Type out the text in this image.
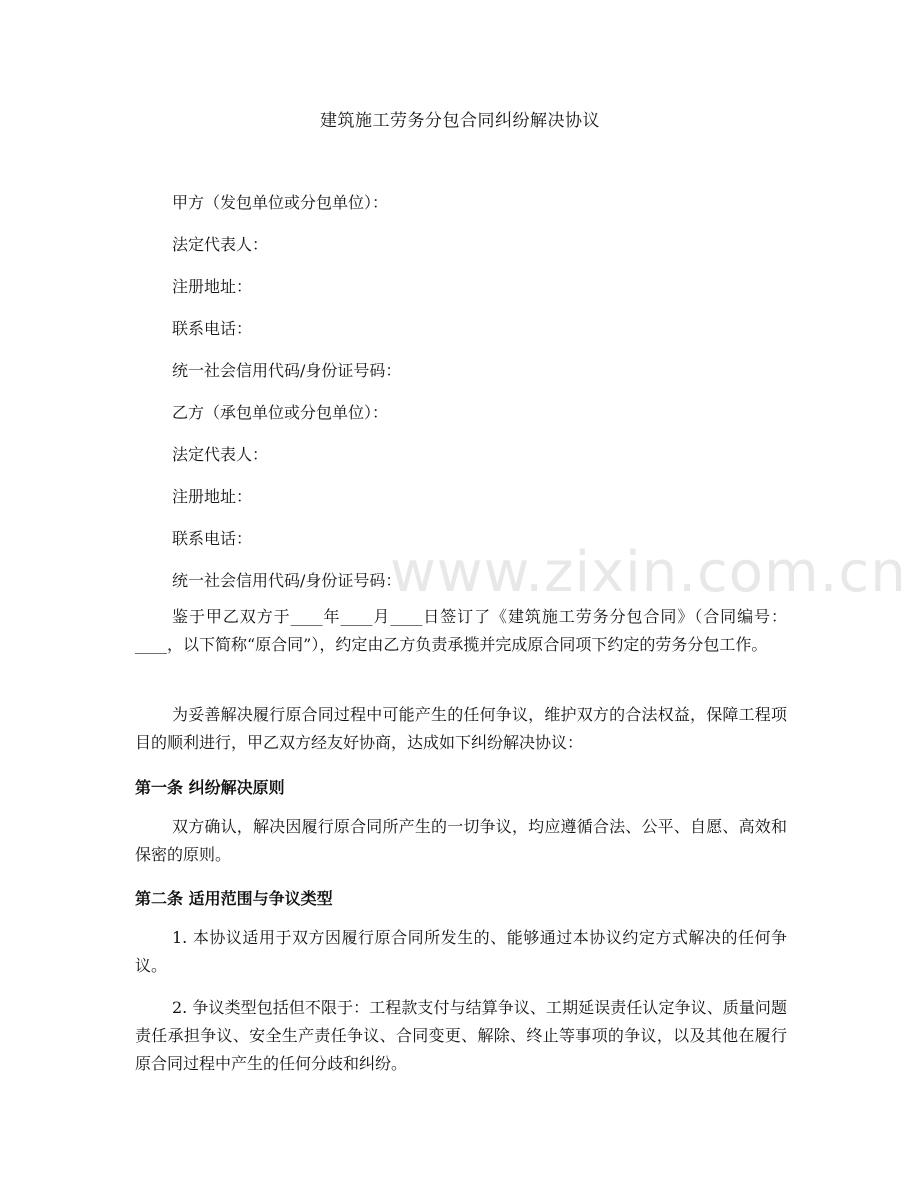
建筑施工劳务分包合同纠纷解决协议
甲方（发包单位或分包单位）：
法定代表人：
注册地址：
联系电话：
统一社会信用代码/身份证号码：
乙方（承包单位或分包单位）：
法定代表人：
注册地址：
联系电话：
统一社会信用代码/身份证号码：
鉴于甲乙双方于____年____月____日签订了《建筑施工劳务分包合同》（合同编号：____，以下简称“原合同”），约定由乙方负责承揽并完成原合同项下约定的劳务分包工作。
为妥善解决履行原合同过程中可能产生的任何争议，维护双方的合法权益，保障工程项目的顺利进行，甲乙双方经友好协商，达成如下纠纷解决协议：
第一条 纠纷解决原则
双方确认，解决因履行原合同所产生的一切争议，均应遵循合法、公平、自愿、高效和保密的原则。
第二条 适用范围与争议类型
1. 本协议适用于双方因履行原合同所发生的、能够通过本协议约定方式解决的任何争议。
2. 争议类型包括但不限于：工程款支付与结算争议、工期延误责任认定争议、质量问题责任承担争议、安全生产责任争议、合同变更、解除、终止等事项的争议，以及其他在履行原合同过程中产生的任何分歧和纠纷。
www.zixin.com.cn
